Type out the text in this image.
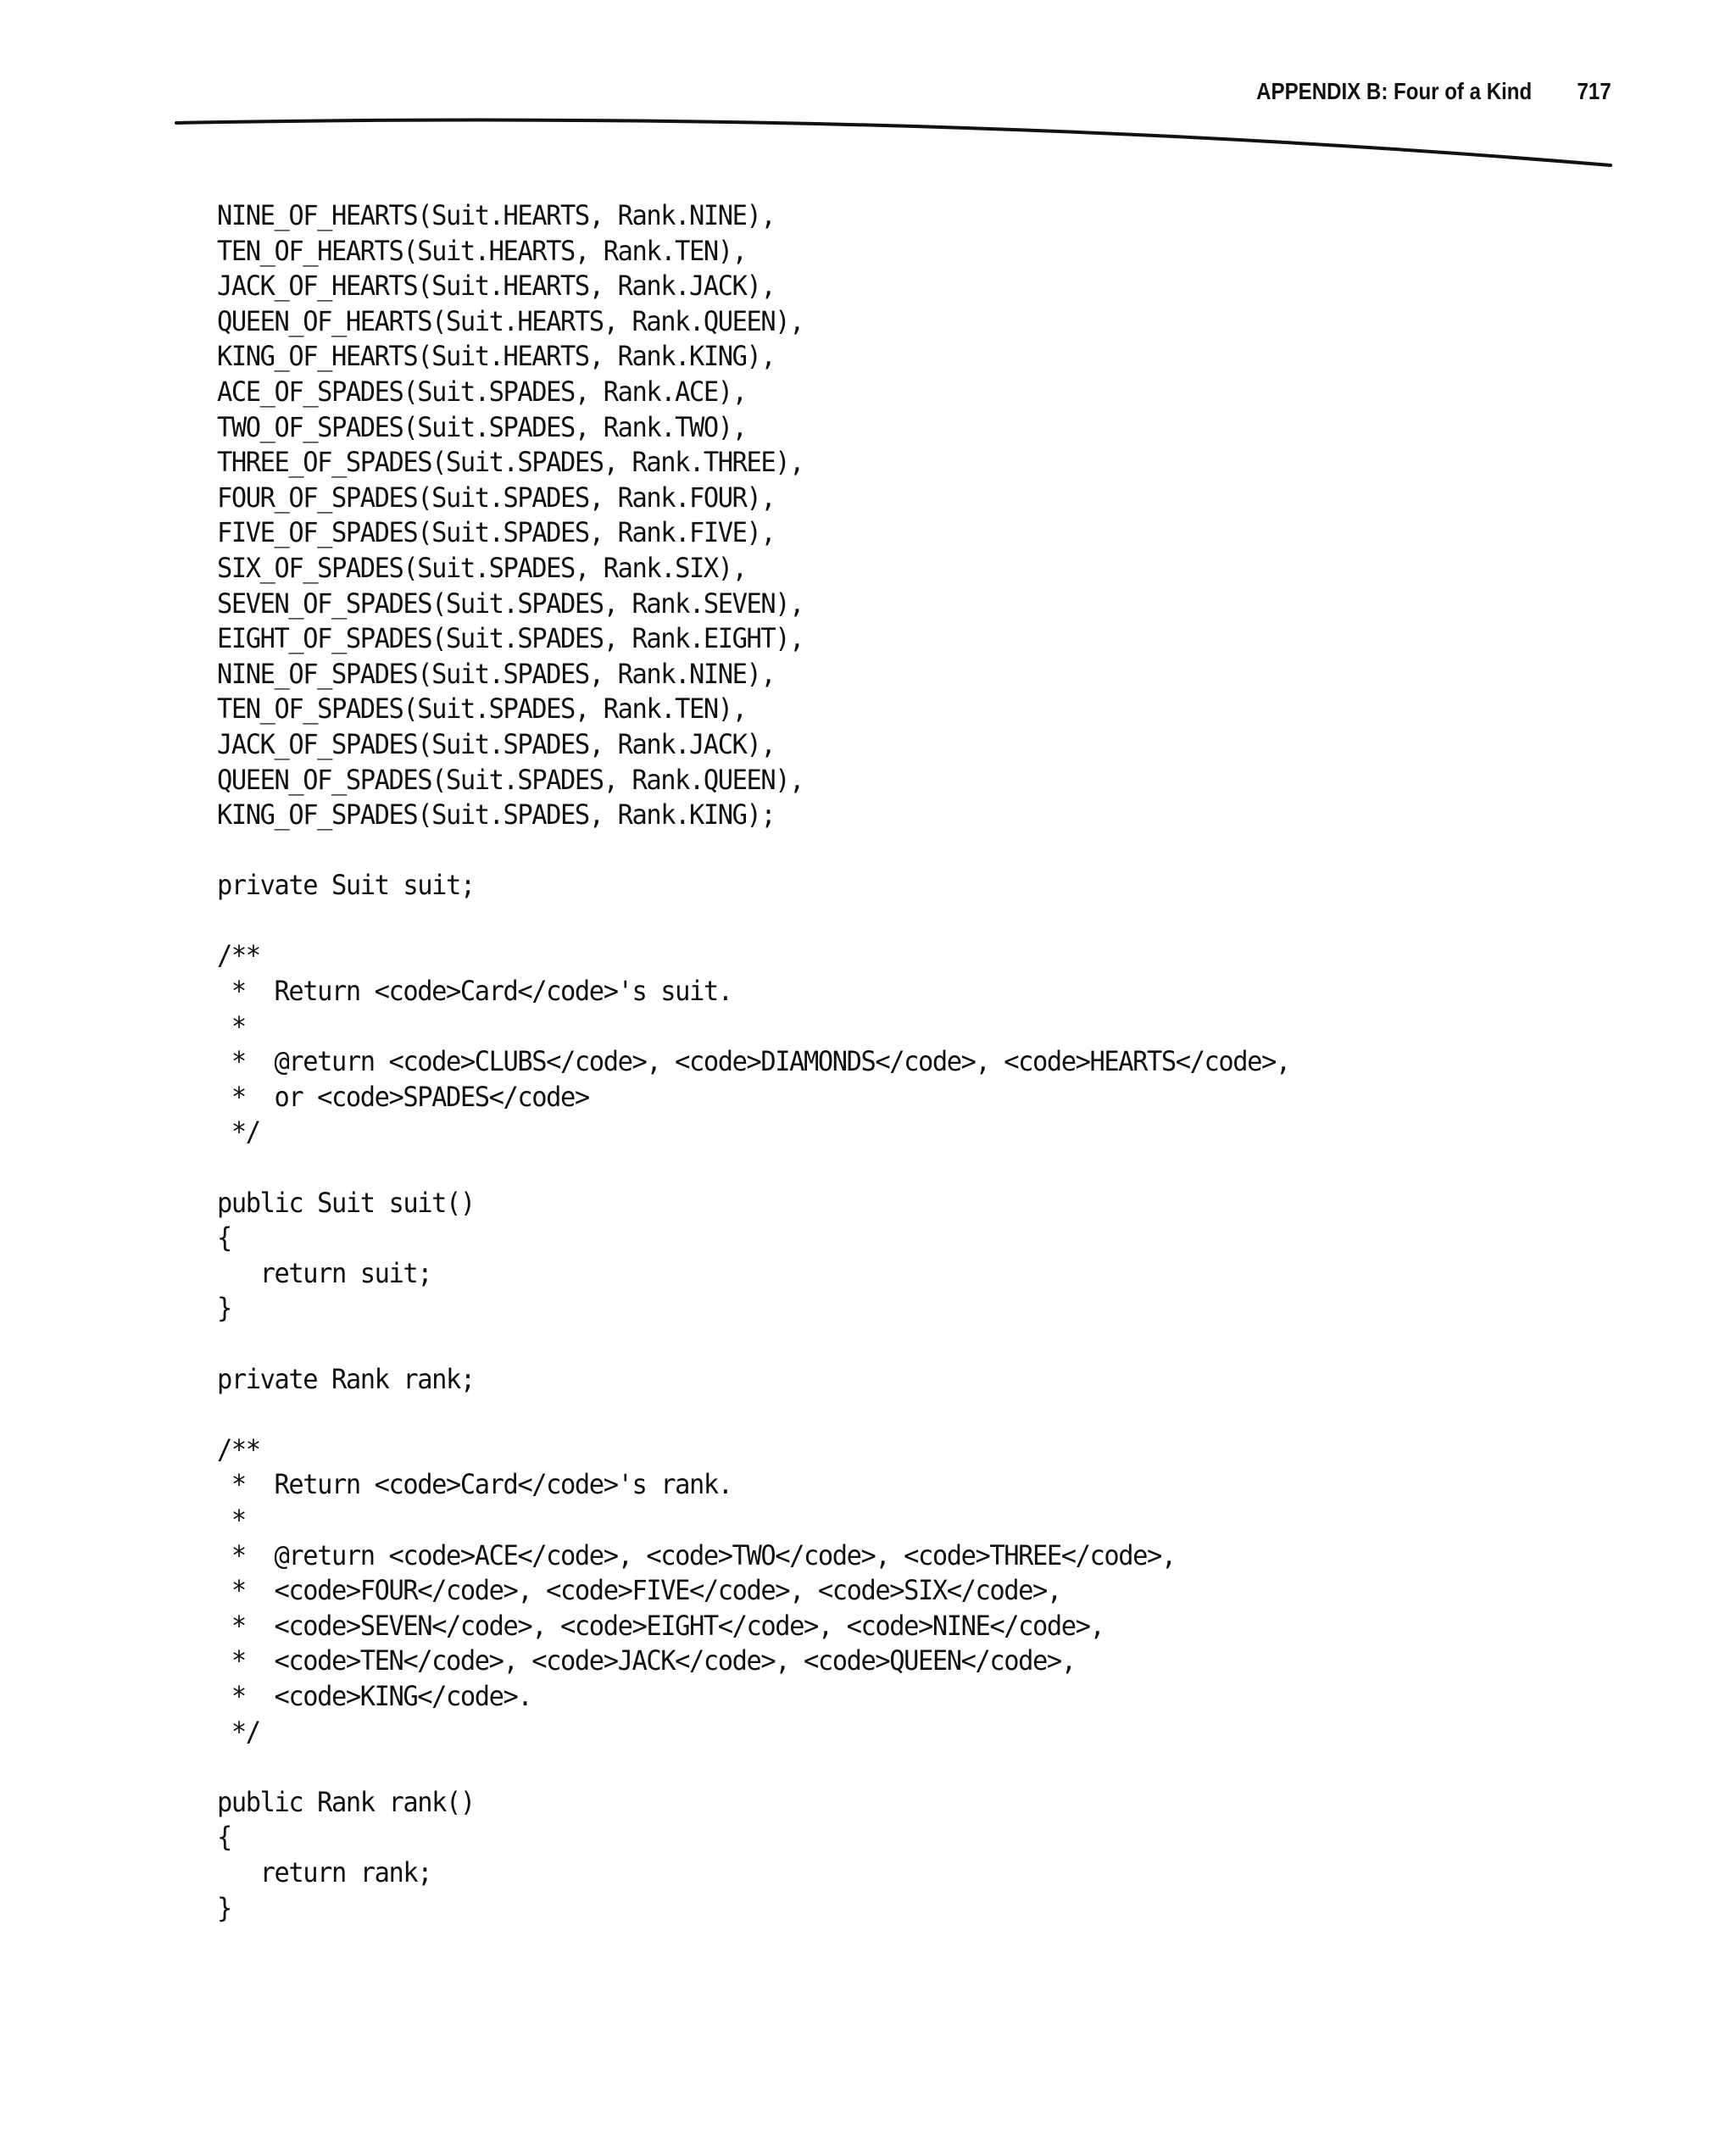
APPENDIX B: Four of a Kind 717
NINE_OF_HEARTS(Suit.HEARTS, Rank.NINE),
TEN_OF_HEARTS(Suit.HEARTS, Rank.TEN),
JACK_OF_HEARTS(Suit.HEARTS, Rank.JACK),
QUEEN_OF_HEARTS(Suit.HEARTS, Rank.QUEEN),
KING_OF_HEARTS(Suit.HEARTS, Rank.KING),
ACE_OF_SPADES(Suit.SPADES, Rank.ACE),
TWO_OF_SPADES(Suit.SPADES, Rank.TWO),
THREE_OF_SPADES(Suit.SPADES, Rank.THREE),
FOUR_OF_SPADES(Suit.SPADES, Rank.FOUR),
FIVE_OF_SPADES(Suit.SPADES, Rank.FIVE),
SIX_OF_SPADES(Suit.SPADES, Rank.SIX),
SEVEN_OF_SPADES(Suit.SPADES, Rank.SEVEN),
EIGHT_OF_SPADES(Suit.SPADES, Rank.EIGHT),
NINE_OF_SPADES(Suit.SPADES, Rank.NINE),
TEN_OF_SPADES(Suit.SPADES, Rank.TEN),
JACK_OF_SPADES(Suit.SPADES, Rank.JACK),
QUEEN_OF_SPADES(Suit.SPADES, Rank.QUEEN),
KING_OF_SPADES(Suit.SPADES, Rank.KING);
private Suit suit;
/**
*  Return <code>Card</code>'s suit.
*
*  @return <code>CLUBS</code>, <code>DIAMONDS</code>, <code>HEARTS</code>,
*  or <code>SPADES</code>
*/
public Suit suit()
{
return suit;
}
private Rank rank;
/**
*  Return <code>Card</code>'s rank.
*
*  @return <code>ACE</code>, <code>TWO</code>, <code>THREE</code>,
*  <code>FOUR</code>, <code>FIVE</code>, <code>SIX</code>,
*  <code>SEVEN</code>, <code>EIGHT</code>, <code>NINE</code>,
*  <code>TEN</code>, <code>JACK</code>, <code>QUEEN</code>,
*  <code>KING</code>.
*/
public Rank rank()
{
return rank;
}
